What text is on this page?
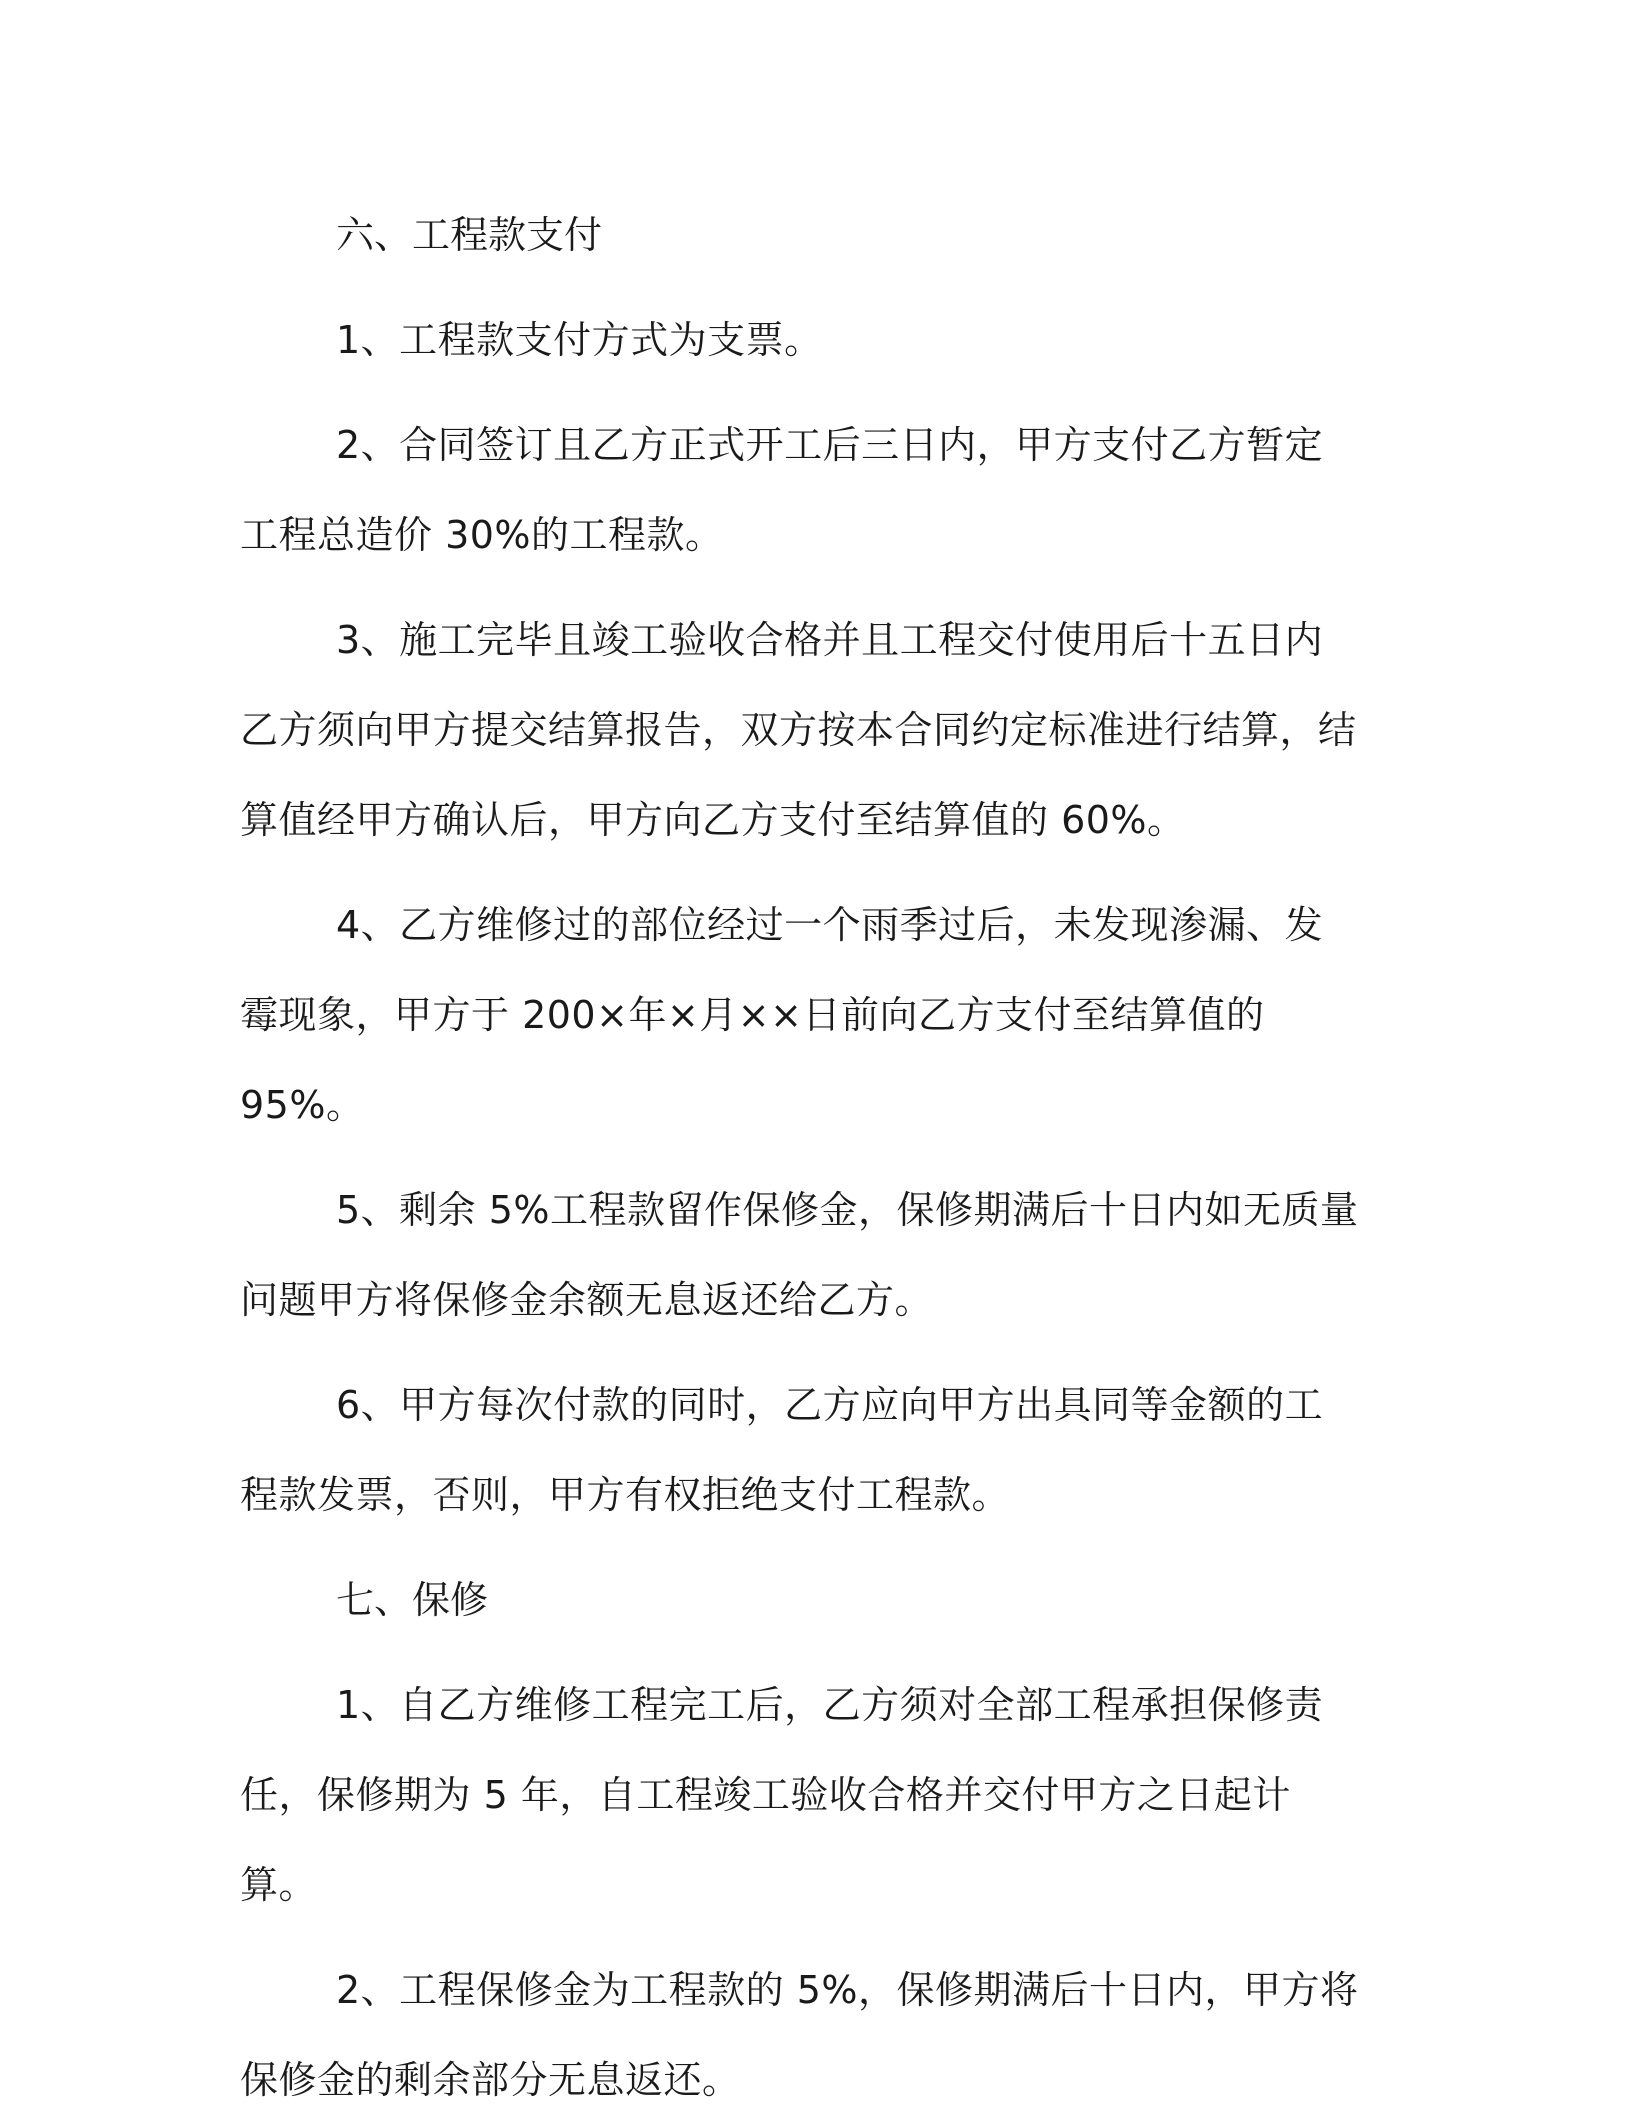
六、工程款支付

1、工程款支付方式为支票。

2、合同签订且乙方正式开工后三日内，甲方支付乙方暂定工程总造价 30%的工程款。

3、施工完毕且竣工验收合格并且工程交付使用后十五日内乙方须向甲方提交结算报告，双方按本合同约定标准进行结算，结算值经甲方确认后，甲方向乙方支付至结算值的 60%。

4、乙方维修过的部位经过一个雨季过后，未发现渗漏、发霉现象，甲方于 200×年×月××日前向乙方支付至结算值的 95%。

5、剩余 5%工程款留作保修金，保修期满后十日内如无质量问题甲方将保修金余额无息返还给乙方。

6、甲方每次付款的同时，乙方应向甲方出具同等金额的工程款发票，否则，甲方有权拒绝支付工程款。

七、保修

1、自乙方维修工程完工后，乙方须对全部工程承担保修责任，保修期为 5 年，自工程竣工验收合格并交付甲方之日起计算。

2、工程保修金为工程款的 5%，保修期满后十日内，甲方将保修金的剩余部分无息返还。
